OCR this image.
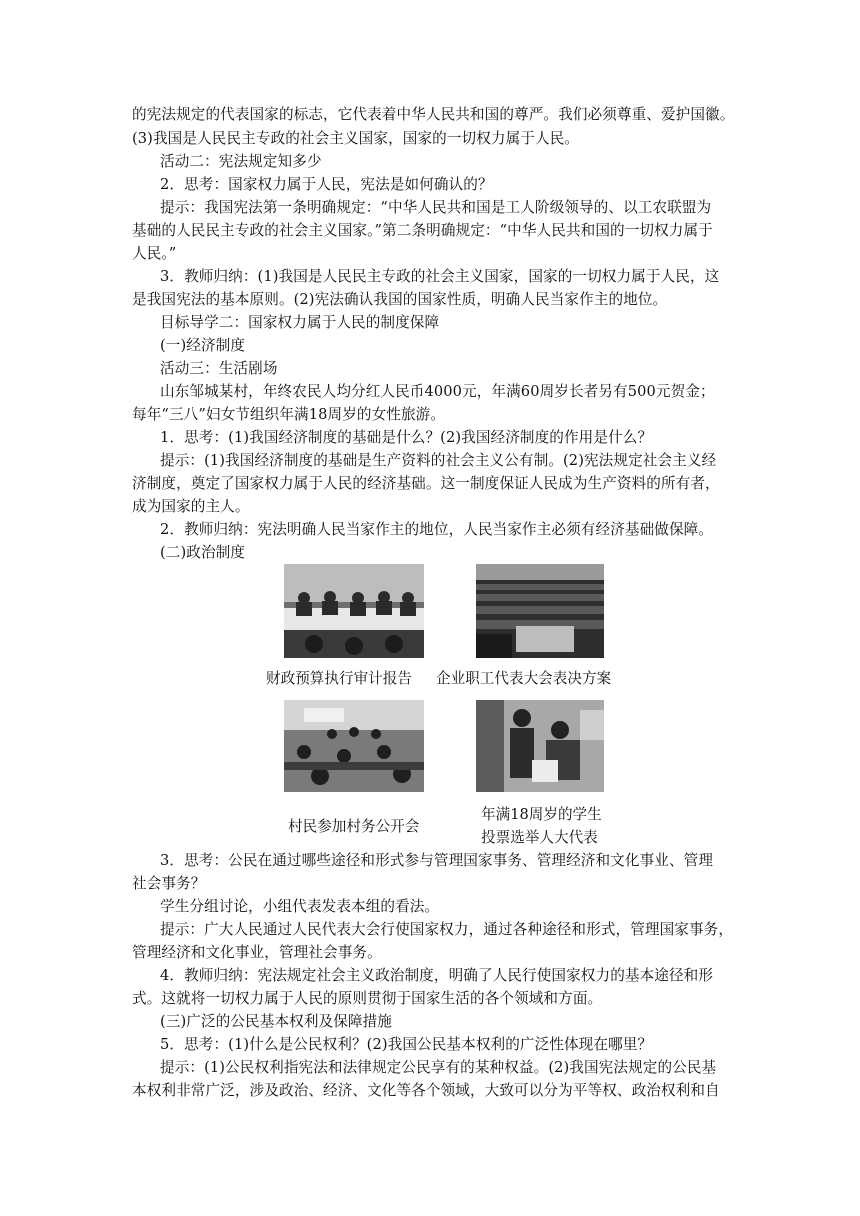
的宪法规定的代表国家的标志，它代表着中华人民共和国的尊严。我们必须尊重、爱护国徽。
(3)我国是人民民主专政的社会主义国家，国家的一切权力属于人民。
活动二：宪法规定知多少
2．思考：国家权力属于人民，宪法是如何确认的？
提示：我国宪法第一条明确规定：“中华人民共和国是工人阶级领导的、以工农联盟为
基础的人民民主专政的社会主义国家。”第二条明确规定：“中华人民共和国的一切权力属于
人民。”
3．教师归纳：(1)我国是人民民主专政的社会主义国家，国家的一切权力属于人民，这
是我国宪法的基本原则。(2)宪法确认我国的国家性质，明确人民当家作主的地位。
目标导学二：国家权力属于人民的制度保障
(一)经济制度
活动三：生活剧场
山东邹城某村，年终农民人均分红人民币4000元，年满60周岁长者另有500元贺金；
每年“三八”妇女节组织年满18周岁的女性旅游。
1．思考：(1)我国经济制度的基础是什么？(2)我国经济制度的作用是什么？
提示：(1)我国经济制度的基础是生产资料的社会主义公有制。(2)宪法规定社会主义经
济制度，奠定了国家权力属于人民的经济基础。这一制度保证人民成为生产资料的所有者，
成为国家的主人。
2．教师归纳：宪法明确人民当家作主的地位，人民当家作主必须有经济基础做保障。
(二)政治制度
财政预算执行审计报告 企业职工代表大会表决方案
村民参加村务公开会
年满18周岁的学生
投票选举人大代表
3．思考：公民在通过哪些途径和形式参与管理国家事务、管理经济和文化事业、管理
社会事务？
学生分组讨论，小组代表发表本组的看法。
提示：广大人民通过人民代表大会行使国家权力，通过各种途径和形式，管理国家事务，
管理经济和文化事业，管理社会事务。
4．教师归纳：宪法规定社会主义政治制度，明确了人民行使国家权力的基本途径和形
式。这就将一切权力属于人民的原则贯彻于国家生活的各个领域和方面。
(三)广泛的公民基本权利及保障措施
5．思考：(1)什么是公民权利？(2)我国公民基本权利的广泛性体现在哪里？
提示：(1)公民权利指宪法和法律规定公民享有的某种权益。(2)我国宪法规定的公民基
本权利非常广泛，涉及政治、经济、文化等各个领域，大致可以分为平等权、政治权利和自
